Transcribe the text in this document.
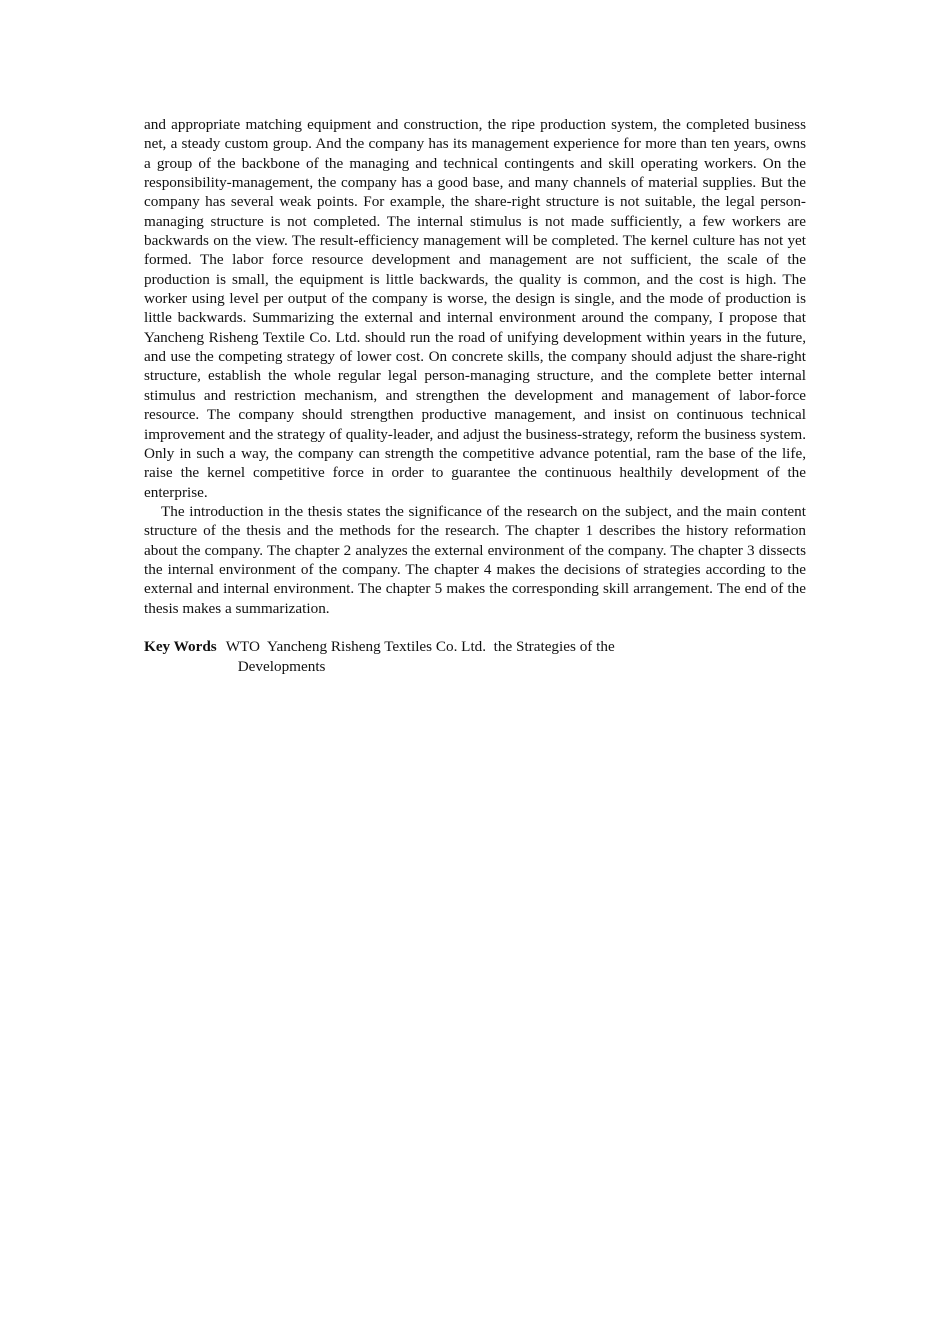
and appropriate matching equipment and construction, the ripe production system, the completed business net, a steady custom group. And the company has its management experience for more than ten years, owns a group of the backbone of the managing and technical contingents and skill operating workers. On the responsibility-management, the company has a good base, and many channels of material supplies. But the company has several weak points. For example, the share-right structure is not suitable, the legal person-managing structure is not completed. The internal stimulus is not made sufficiently, a few workers are backwards on the view. The result-efficiency management will be completed. The kernel culture has not yet formed. The labor force resource development and management are not sufficient, the scale of the production is small, the equipment is little backwards, the quality is common, and the cost is high. The worker using level per output of the company is worse, the design is single, and the mode of production is little backwards. Summarizing the external and internal environment around the company, I propose that Yancheng Risheng Textile Co. Ltd. should run the road of unifying development within years in the future, and use the competing strategy of lower cost. On concrete skills, the company should adjust the share-right structure, establish the whole regular legal person-managing structure, and the complete better internal stimulus and restriction mechanism, and strengthen the development and management of labor-force resource. The company should strengthen productive management, and insist on continuous technical improvement and the strategy of quality-leader, and adjust the business-strategy, reform the business system. Only in such a way, the company can strength the competitive advance potential, ram the base of the life, raise the kernel competitive force in order to guarantee the continuous healthily development of the enterprise.

The introduction in the thesis states the significance of the research on the subject, and the main content structure of the thesis and the methods for the research. The chapter 1 describes the history reformation about the company. The chapter 2 analyzes the external environment of the company. The chapter 3 dissects the internal environment of the company. The chapter 4 makes the decisions of strategies according to the external and internal environment. The chapter 5 makes the corresponding skill arrangement. The end of the thesis makes a summarization.

Key Words WTO  Yancheng Risheng Textiles Co. Ltd.  the Strategies of the Developments
